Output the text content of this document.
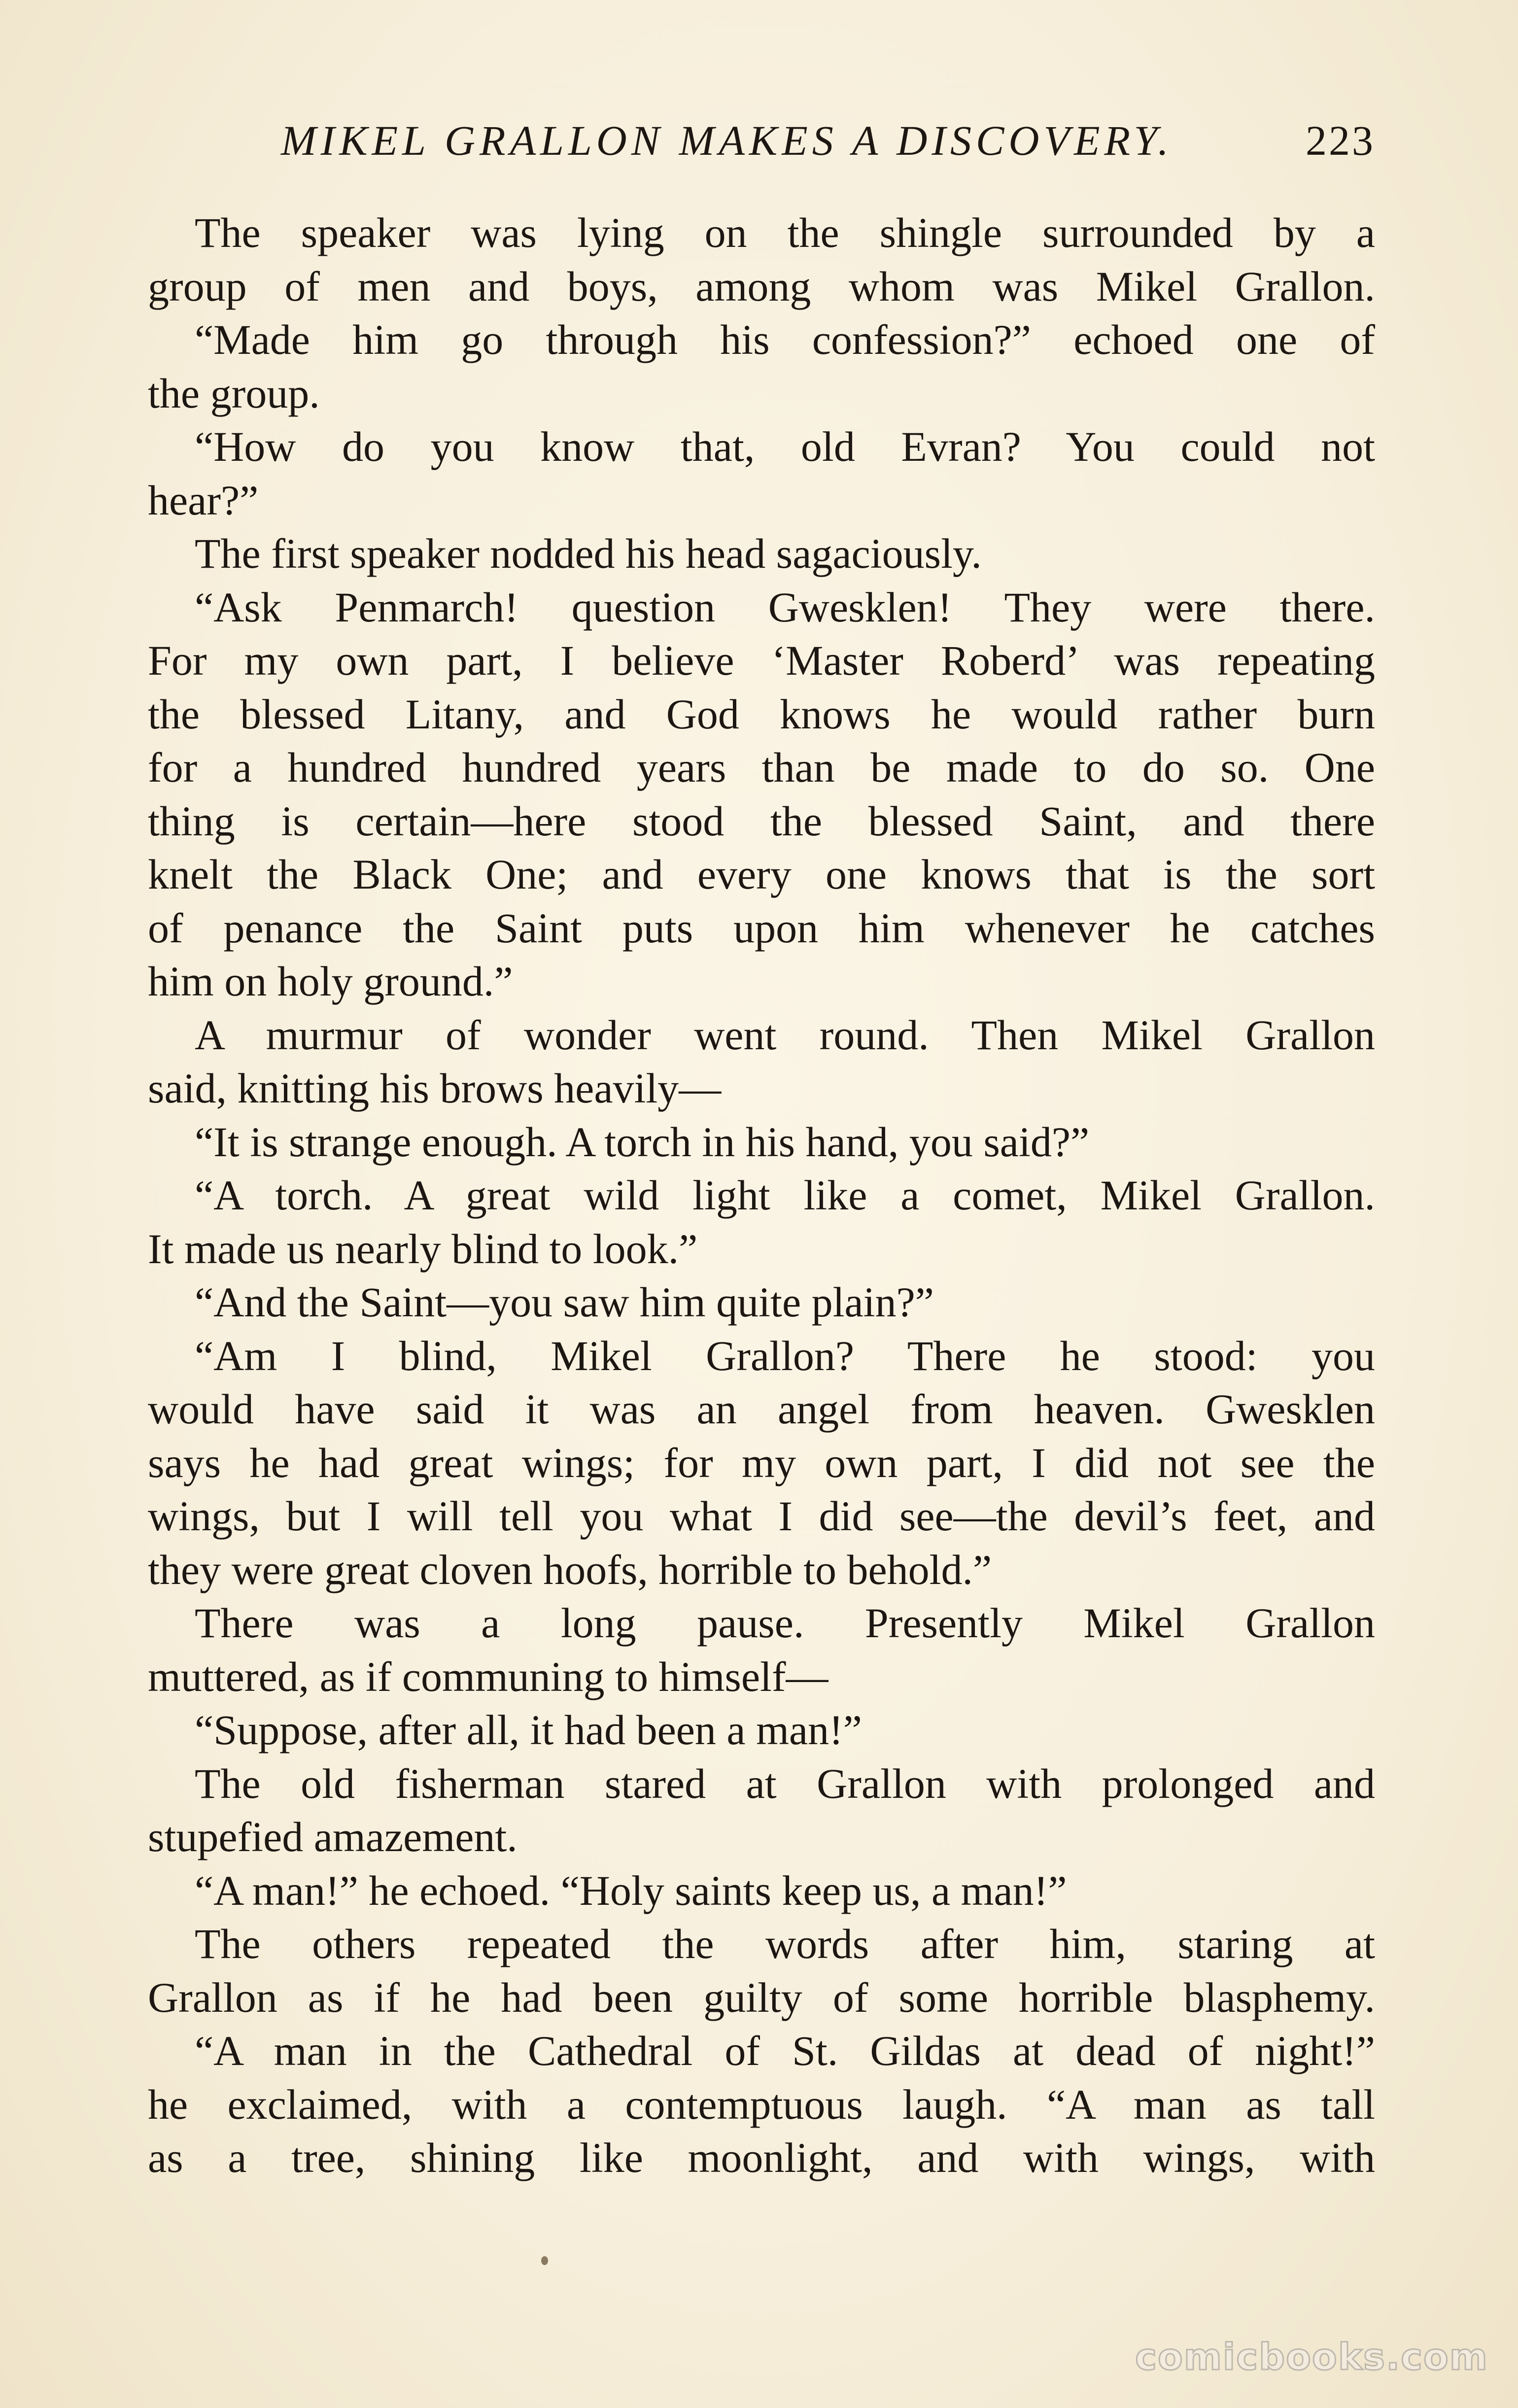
MIKEL GRALLON MAKES A DISCOVERY.	223
The speaker was lying on the shingle surrounded by a
group of men and boys, among whom was Mikel Grallon.
“Made him go through his confession?” echoed one of
the group.
“How do you know that, old Evran? You could not
hear?”
The first speaker nodded his head sagaciously.
“Ask Penmarch! question Gwesklen! They were there.
For my own part, I believe ‘Master Roberd’ was repeating
the blessed Litany, and God knows he would rather burn
for a hundred hundred years than be made to do so. One
thing is certain—here stood the blessed Saint, and there
knelt the Black One; and every one knows that is the sort
of penance the Saint puts upon him whenever he catches
him on holy ground.”
A murmur of wonder went round. Then Mikel Grallon
said, knitting his brows heavily—
“It is strange enough. A torch in his hand, you said?”
“A torch. A great wild light like a comet, Mikel Grallon.
It made us nearly blind to look.”
“And the Saint—you saw him quite plain?”
“Am I blind, Mikel Grallon? There he stood: you
would have said it was an angel from heaven. Gwesklen
says he had great wings; for my own part, I did not see the
wings, but I will tell you what I did see—the devil’s feet, and
they were great cloven hoofs, horrible to behold.”
There was a long pause. Presently Mikel Grallon
muttered, as if communing to himself—
“Suppose, after all, it had been a man!”
The old fisherman stared at Grallon with prolonged and
stupefied amazement.
“A man!” he echoed. “Holy saints keep us, a man!”
The others repeated the words after him, staring at
Grallon as if he had been guilty of some horrible blasphemy.
“A man in the Cathedral of St. Gildas at dead of night!”
he exclaimed, with a contemptuous laugh. “A man as tall
as a tree, shining like moonlight, and with wings, with
comicbooks.com
